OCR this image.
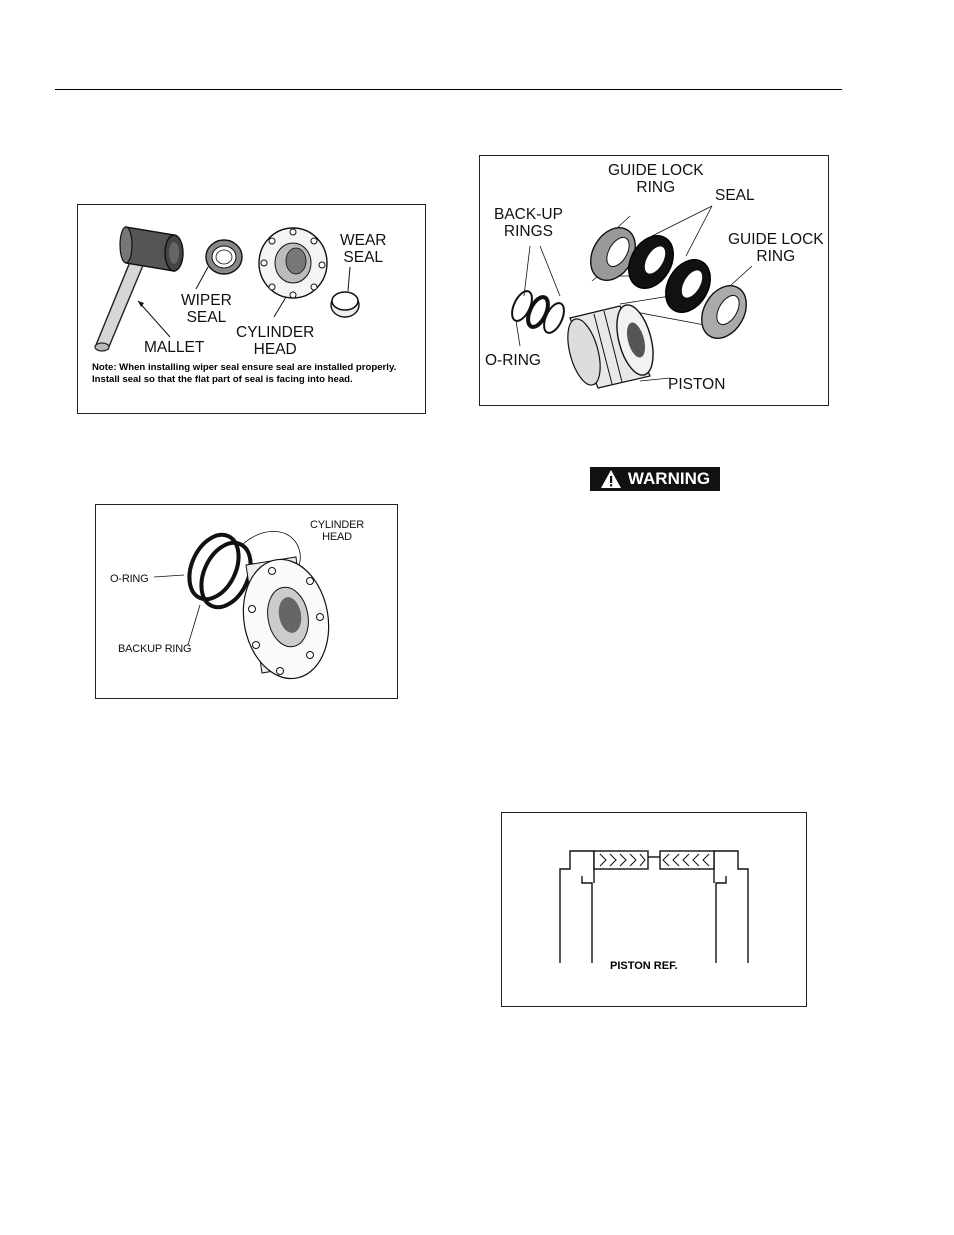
WEAR
SEAL
WIPER
SEAL
CYLINDER
HEAD
MALLET
Note: When installing wiper seal ensure seal are installed properly. Install seal so that the flat part of seal is facing into head.
GUIDE LOCK
RING	SEAL
BACK-UP
RINGS	GUIDE LOCK
RING
O-RING
PISTON
WARNING
CYLINDER
HEAD
O-RING
BACKUP RING
PISTON REF.
